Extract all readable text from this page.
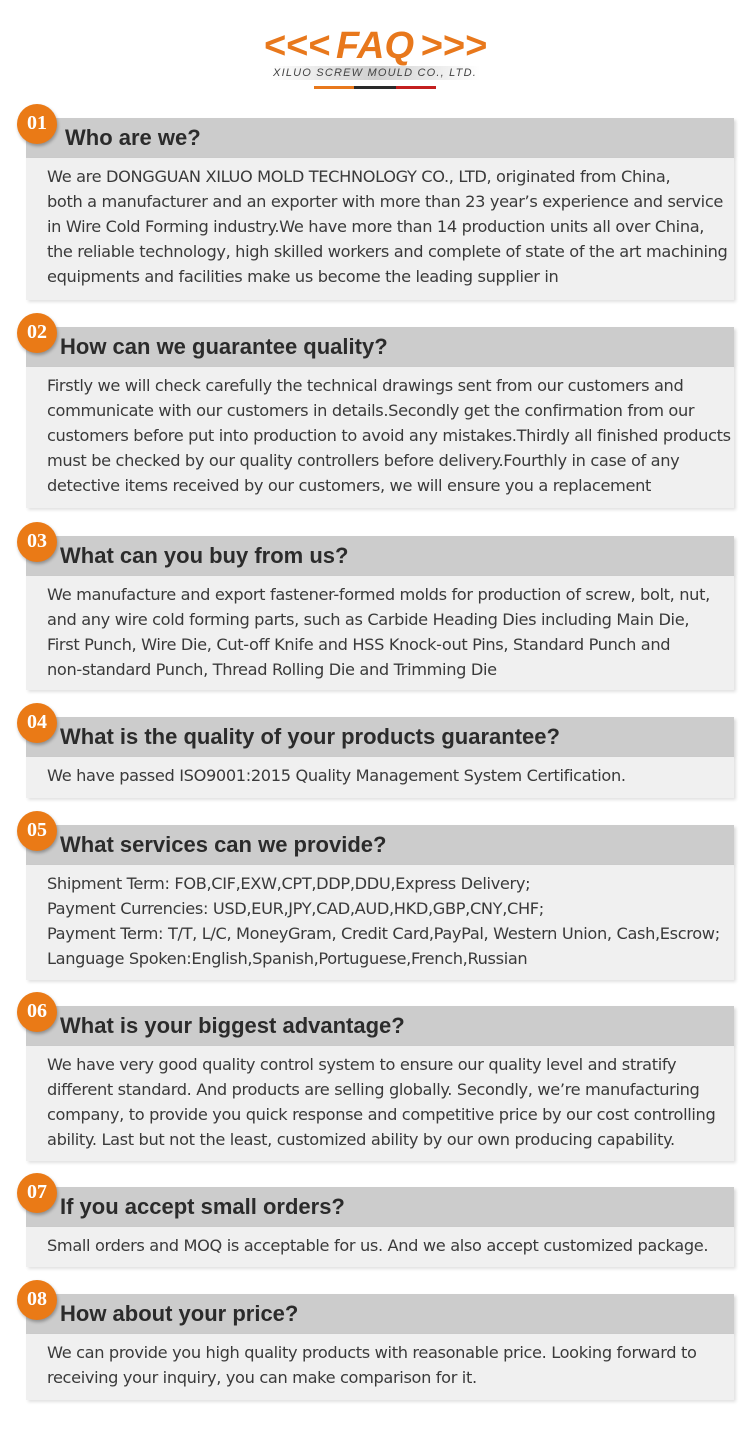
<<< FAQ >>>
XILUO SCREW MOULD CO., LTD.
Who are we?
We are DONGGUAN XILUO MOLD TECHNOLOGY CO., LTD, originated from China,
both a manufacturer and an exporter with more than 23 year’s experience and service
in Wire Cold Forming industry.We have more than 14 production units all over China,
the reliable technology, high skilled workers and complete of state of the art machining
equipments and facilities make us become the leading supplier in
01
How can we guarantee quality?
Firstly we will check carefully the technical drawings sent from our customers and
communicate with our customers in details.Secondly get the confirmation from our
customers before put into production to avoid any mistakes.Thirdly all finished products
must be checked by our quality controllers before delivery.Fourthly in case of any
detective items received by our customers, we will ensure you a replacement
02
What can you buy from us?
We manufacture and export fastener-formed molds for production of screw, bolt, nut,
and any wire cold forming parts, such as Carbide Heading Dies including Main Die,
First Punch, Wire Die, Cut-off Knife and HSS Knock-out Pins, Standard Punch and
non-standard Punch, Thread Rolling Die and Trimming Die
03
What is the quality of your products guarantee?
We have passed ISO9001:2015 Quality Management System Certification.
04
What services can we provide?
Shipment Term: FOB,CIF,EXW,CPT,DDP,DDU,Express Delivery;
Payment Currencies: USD,EUR,JPY,CAD,AUD,HKD,GBP,CNY,CHF;
Payment Term: T/T, L/C, MoneyGram, Credit Card,PayPal, Western Union, Cash,Escrow;
Language Spoken:English,Spanish,Portuguese,French,Russian
05
What is your biggest advantage?
We have very good quality control system to ensure our quality level and stratify
different standard. And products are selling globally. Secondly, we’re manufacturing
company, to provide you quick response and competitive price by our cost controlling
ability. Last but not the least, customized ability by our own producing capability.
06
If you accept small orders?
Small orders and MOQ is acceptable for us. And we also accept customized package.
07
How about your price?
We can provide you high quality products with reasonable price. Looking forward to
receiving your inquiry, you can make comparison for it.
08
